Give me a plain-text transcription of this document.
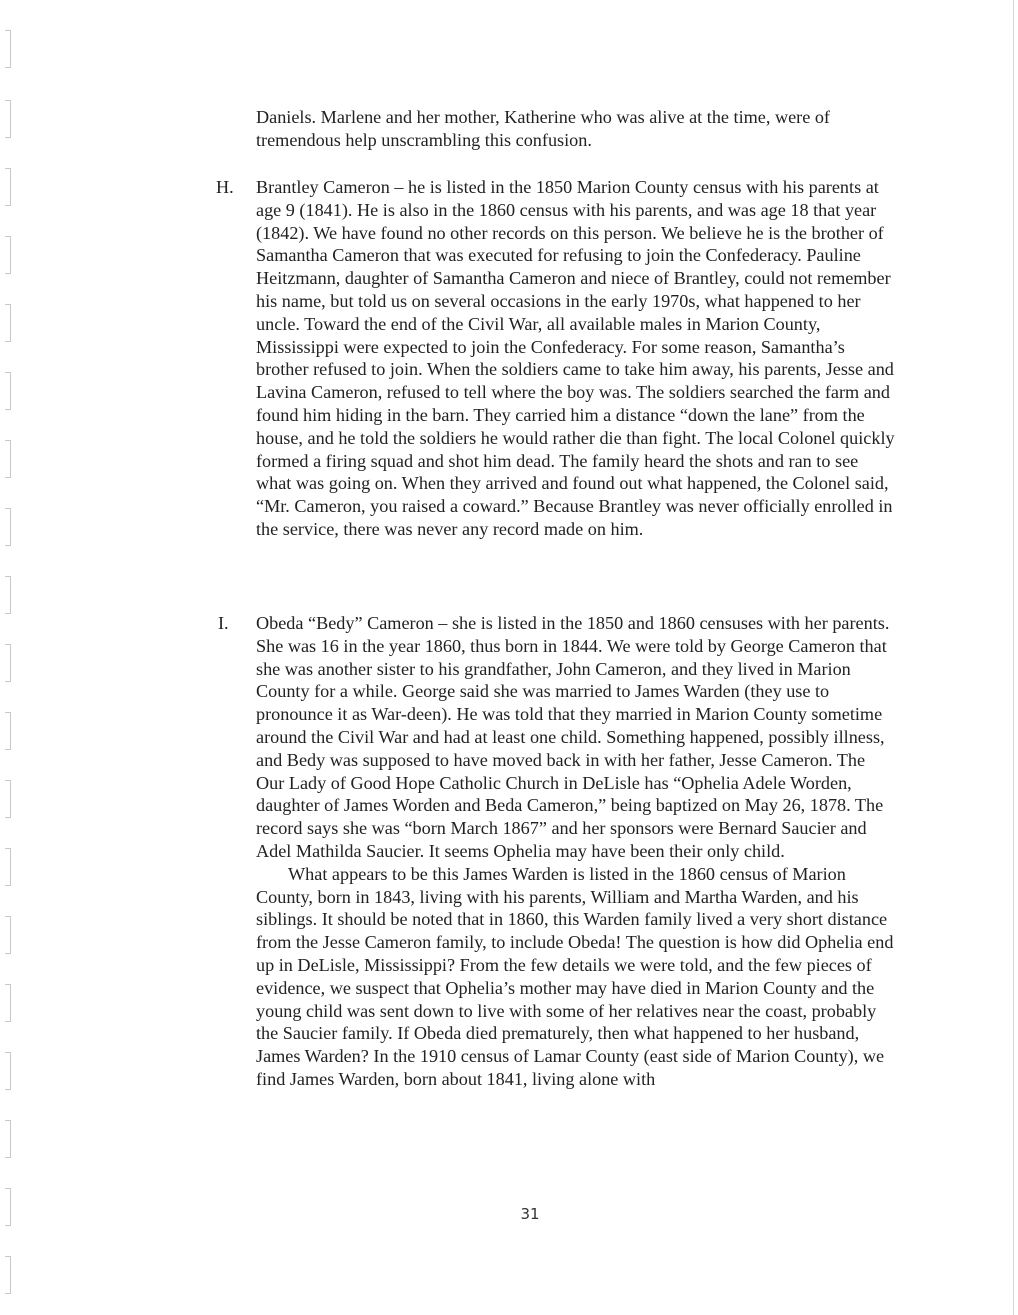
Daniels. Marlene and her mother, Katherine who was alive at the time, were of tremendous help unscrambling this confusion.

H. Brantley Cameron – he is listed in the 1850 Marion County census with his parents at age 9 (1841). He is also in the 1860 census with his parents, and was age 18 that year (1842). We have found no other records on this person. We believe he is the brother of Samantha Cameron that was executed for refusing to join the Confederacy. Pauline Heitzmann, daughter of Samantha Cameron and niece of Brantley, could not remember his name, but told us on several occasions in the early 1970s, what happened to her uncle. Toward the end of the Civil War, all available males in Marion County, Mississippi were expected to join the Confederacy. For some reason, Samantha’s brother refused to join. When the soldiers came to take him away, his parents, Jesse and Lavina Cameron, refused to tell where the boy was. The soldiers searched the farm and found him hiding in the barn. They carried him a distance “down the lane” from the house, and he told the soldiers he would rather die than fight. The local Colonel quickly formed a firing squad and shot him dead. The family heard the shots and ran to see what was going on. When they arrived and found out what happened, the Colonel said, “Mr. Cameron, you raised a coward.” Because Brantley was never officially enrolled in the service, there was never any record made on him.

I. Obeda “Bedy” Cameron – she is listed in the 1850 and 1860 censuses with her parents. She was 16 in the year 1860, thus born in 1844. We were told by George Cameron that she was another sister to his grandfather, John Cameron, and they lived in Marion County for a while. George said she was married to James Warden (they use to pronounce it as War-deen). He was told that they married in Marion County sometime around the Civil War and had at least one child. Something happened, possibly illness, and Bedy was supposed to have moved back in with her father, Jesse Cameron. The Our Lady of Good Hope Catholic Church in DeLisle has “Ophelia Adele Worden, daughter of James Worden and Beda Cameron,” being baptized on May 26, 1878. The record says she was “born March 1867” and her sponsors were Bernard Saucier and Adel Mathilda Saucier. It seems Ophelia may have been their only child.

What appears to be this James Warden is listed in the 1860 census of Marion County, born in 1843, living with his parents, William and Martha Warden, and his siblings. It should be noted that in 1860, this Warden family lived a very short distance from the Jesse Cameron family, to include Obeda! The question is how did Ophelia end up in DeLisle, Mississippi? From the few details we were told, and the few pieces of evidence, we suspect that Ophelia’s mother may have died in Marion County and the young child was sent down to live with some of her relatives near the coast, probably the Saucier family. If Obeda died prematurely, then what happened to her husband, James Warden? In the 1910 census of Lamar County (east side of Marion County), we find James Warden, born about 1841, living alone with

31
